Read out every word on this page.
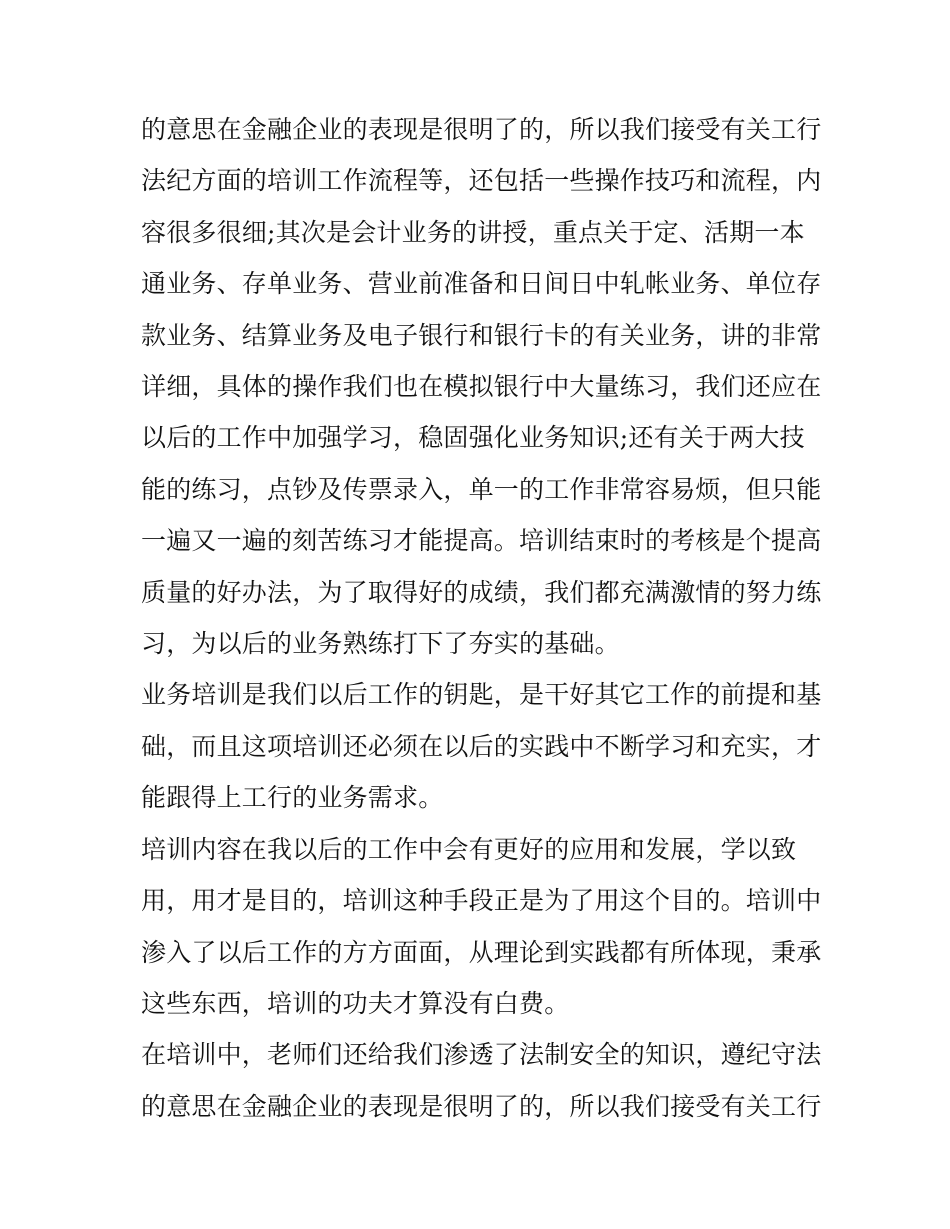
的意思在金融企业的表现是很明了的，所以我们接受有关工行
法纪方面的培训工作流程等，还包括一些操作技巧和流程，内
容很多很细;其次是会计业务的讲授，重点关于定、活期一本
通业务、存单业务、营业前准备和日间日中轧帐业务、单位存
款业务、结算业务及电子银行和银行卡的有关业务，讲的非常
详细，具体的操作我们也在模拟银行中大量练习，我们还应在
以后的工作中加强学习，稳固强化业务知识;还有关于两大技
能的练习，点钞及传票录入，单一的工作非常容易烦，但只能
一遍又一遍的刻苦练习才能提高。培训结束时的考核是个提高
质量的好办法，为了取得好的成绩，我们都充满激情的努力练
习，为以后的业务熟练打下了夯实的基础。
业务培训是我们以后工作的钥匙，是干好其它工作的前提和基
础，而且这项培训还必须在以后的实践中不断学习和充实，才
能跟得上工行的业务需求。
培训内容在我以后的工作中会有更好的应用和发展，学以致
用，用才是目的，培训这种手段正是为了用这个目的。培训中
渗入了以后工作的方方面面，从理论到实践都有所体现，秉承
这些东西，培训的功夫才算没有白费。
在培训中，老师们还给我们渗透了法制安全的知识，遵纪守法
的意思在金融企业的表现是很明了的，所以我们接受有关工行
